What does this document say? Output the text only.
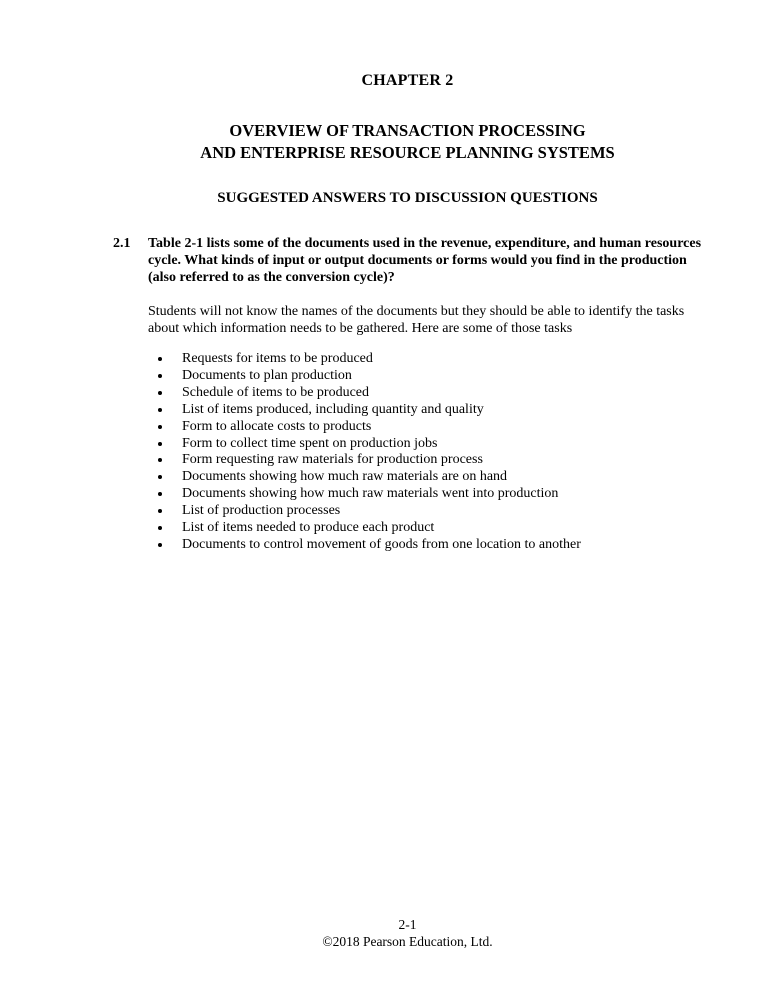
CHAPTER 2
OVERVIEW OF TRANSACTION PROCESSING
AND ENTERPRISE RESOURCE PLANNING SYSTEMS
SUGGESTED ANSWERS TO DISCUSSION QUESTIONS
2.1	Table 2-1 lists some of the documents used in the revenue, expenditure, and human resources cycle. What kinds of input or output documents or forms would you find in the production (also referred to as the conversion cycle)?

Students will not know the names of the documents but they should be able to identify the tasks about which information needs to be gathered. Here are some of those tasks

• Requests for items to be produced
• Documents to plan production
• Schedule of items to be produced
• List of items produced, including quantity and quality
• Form to allocate costs to products
• Form to collect time spent on production jobs
• Form requesting raw materials for production process
• Documents showing how much raw materials are on hand
• Documents showing how much raw materials went into production
• List of production processes
• List of items needed to produce each product
• Documents to control movement of goods from one location to another
2-1
©2018 Pearson Education, Ltd.
